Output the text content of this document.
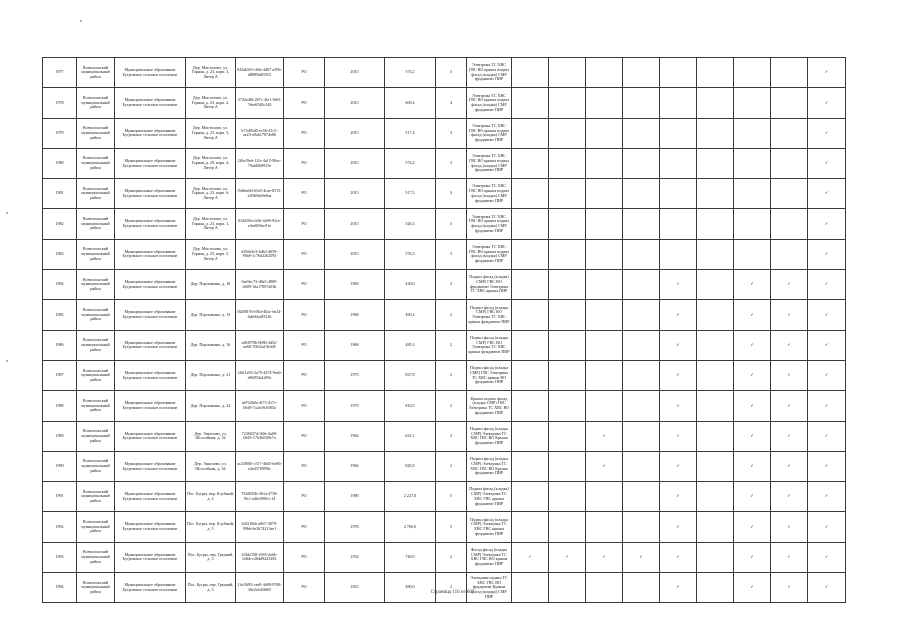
1977	Всеволожский муниципальный район	Муниципальное образование Бугровское сельское поселение	Дер. Мистолово, ул. Горная, д. 23, корп. 3, Литер А	043ab5f9-c66e-4d07-a59b-d8889a8f9f53	РО	2015	574,2	3	Электрика ТС ХВС ГВС ВО крыша подвал фасад (кладка) СМР фундамент ПИР									✓
1978	Всеволожский муниципальный район	Муниципальное образование Бугровское сельское поселение	Дер. Мистолово, ул. Горная, д. 23, корп. 2, Литер А	2742e4f6-287c-4fe1-9e8f-7ebe6548c240	РО	2015	600,4	4	Электрика ТС ХВС ГВС ВО крыша подвал фасад (кладка) СМР фундамент ПИР									✓
1979	Всеволожский муниципальный район	Муниципальное образование Бугровское сельское поселение	Дер. Мистолово, ул. Горная, д. 23, корп. 5, Литер А	b73d03d5-ec56-41c5-ae23-a9ab17874e86	РО	2015	517,4	3	Электрика ТС ХВС ГВС ВО крыша подвал фасад (кладка) СМР фундамент ПИР									✓
1980	Всеволожский муниципальный район	Муниципальное образование Бугровское сельское поселение	Дер. Мистолово, ул. Горная, д. 29, корп. 4, Литер А	2f0a19eb-12fc-4a15-90ec-79afd5b8915e	РО	2015	574,2	3	Электрика ТС ХВС ГВС ВО крыша подвал фасад (кладка) СМР фундамент ПИР									✓
1981	Всеволожский муниципальный район	Муниципальное образование Бугровское сельское поселение	Дер. Мистолово, ул. Горная, д. 23, корп. 6, Литер А	f5d6ea0d-65a5-4cae-8515-a39b9ab9e6ba	РО	2015	517,5	3	Электрика ТС ХВС ГВС ВО крыша подвал фасад (кладка) СМР фундамент ПИР									✓
1982	Всеволожский муниципальный район	Муниципальное образование Бугровское сельское поселение	Дер. Мистолово, ул. Горная, д. 23, корп. 1, Литер А	01d2f8fa-fa3b-4a96-93ce-e4ea903ac91e	РО	2015	526,3	3	Электрика ТС ХВС ГВС ВО крыша подвал фасад (кладка) СМР фундамент ПИР									✓
1983	Всеволожский муниципальный район	Муниципальное образование Бугровское сельское поселение	Дер. Мистолово, ул. Горная, д. 25, корп. 5, Литер А	d30eb3e3-6d62-4659-89a8-1c76d2262593	РО	2015	576,3	3	Электрика ТС ХВС ГВС ВО крыша подвал фасад (кладка) СМР фундамент ПИР									✓
1984	Всеволожский муниципальный район	Муниципальное образование Бугровское сельское поселение	Дер. Порошкино, д. 18	0ad3ec73-d9a5-4869-b609-1da17897a03b	РО	1965	430,0	2	Подвал фасад (кладка) СМР) ГВС ВО фундамент Электрика ТС ХВС крыша ПИР					✓		✓	✓	✓
1985	Всеволожский муниципальный район	Муниципальное образование Бугровское сельское поселение	Дер. Порошкино, д. 15	f8288193-f064-462c-be24-6da9dca85236	РО	1968	490,2	2	Подвал фасад (кладка СМР) ГВС ВО Электрика ТС ХВС крыша фундамент ПИР					✓		✓	✓	✓
1986	Всеволожский муниципальный район	Муниципальное образование Бугровское сельское поселение	Дер. Порошкино, д. 16	ed6f979b-0086-4d52-ae68-706f2a19e4d5	РО	1968	485,3	2	Подвал фасад (кладка СМР) ГВС ВО Электрика ТС ХВС крыша фундамент ПИР					✓		✓	✓	✓
1987	Всеволожский муниципальный район	Муниципальное образование Бугровское сельское поселение	Дер. Порошкино, д. 21	126f1a93-2a79-4474-9ea6-a96850a4289c	РО	1975	827,8	2	Подвал фасад (кладка СМР) ГВС Электрика ТС ХВС крыша ВО фундамент ПИР					✓		✓	✓	✓
1988	Всеволожский муниципальный район	Муниципальное образование Бугровское сельское поселение	Дер. Порошкино, д. 22	ab702b0a-4f73-417c-b849-7a2ec8c0f83a	РО	1975	816,5	2	Крыша подвал фасад (кладка СМР) ГВС Электрика ТС ХВС ВО фундамент ПИР					✓		✓	✓	✓
1989	Всеволожский муниципальный район	Муниципальное образование Бугровское сельское поселение	Дер. Энколово, ул. Шоссейная, д. 32	7236037d-f60e-4a69-b845-17b3bf0f9e7a	РО	1964	641,3	2	Подвал фасад (кладка СМР) Электрика ТС ХВС ГВС ВО Крыша фундамент ПИР			✓		✓		✓	✓	✓
1990	Всеволожский муниципальный район	Муниципальное образование Бугровское сельское поселение	Дер. Энколово, ул. Шоссейная, д. 34	ac2380f0-c517-46d5-be86-a3a3376999fc	РО	1964	845,9	2	Подвал фасад (кладка СМР) Электрика ТС ХВС ГВС ВО Крыша фундамент ПИР			✓		✓		✓	✓	✓
1991	Всеволожский муниципальный район	Муниципальное образование Бугровское сельское поселение	Пос. Бугры, пер. Клубный, д. 2	753d050b-361a-4758-9fc1-a46c908fcc14	РО	1980	2 227,0	5	Подвал фасад (кладка) СМР) Электрика ТС ХВС ГВС крыша фундамент ПИР					✓		✓	✓	✓
1992	Всеволожский муниципальный район	Муниципальное образование Бугровское сельское поселение	Пос. Бугры, пер. Клубный, д. 5	b3f318eb-a867-4079-99b6-6e2b74213ee1	РО	1978	2 760,0	5	Подвал фасад (кладка СМР) Электрика ТС ХВС ГВС крыша фундамент ПИР					✓		✓	✓	✓
1993	Всеволожский муниципальный район	Муниципальное образование Бугровское сельское поселение	Пос. Бугры, пер. Гредний, д. 3	b5bb15f8-e565-4a6b-b4bb-c20dd9425283	РО	1932	740,0	2	Фасад фасад (кладка СМР) Электрика ТС ХВС ГВС ВО крыша фундамент ПИР	✓	✓	✓	✓	✓		✓	✓	✓
1994	Всеволожский муниципальный район	Муниципальное образование Бугровское сельское поселение	Пос. Бугры, пер. Гредний, д. 3	11a10f83-cae8-4d08-9768-36e2e2d46f65	РО	1823	480,0	2	Электрика подвал ТС ХВС ГВС ВО фундамент Крыша фасад (кладка) СМР ПИР					✓		✓	✓	✓
Страница 116 из 607
